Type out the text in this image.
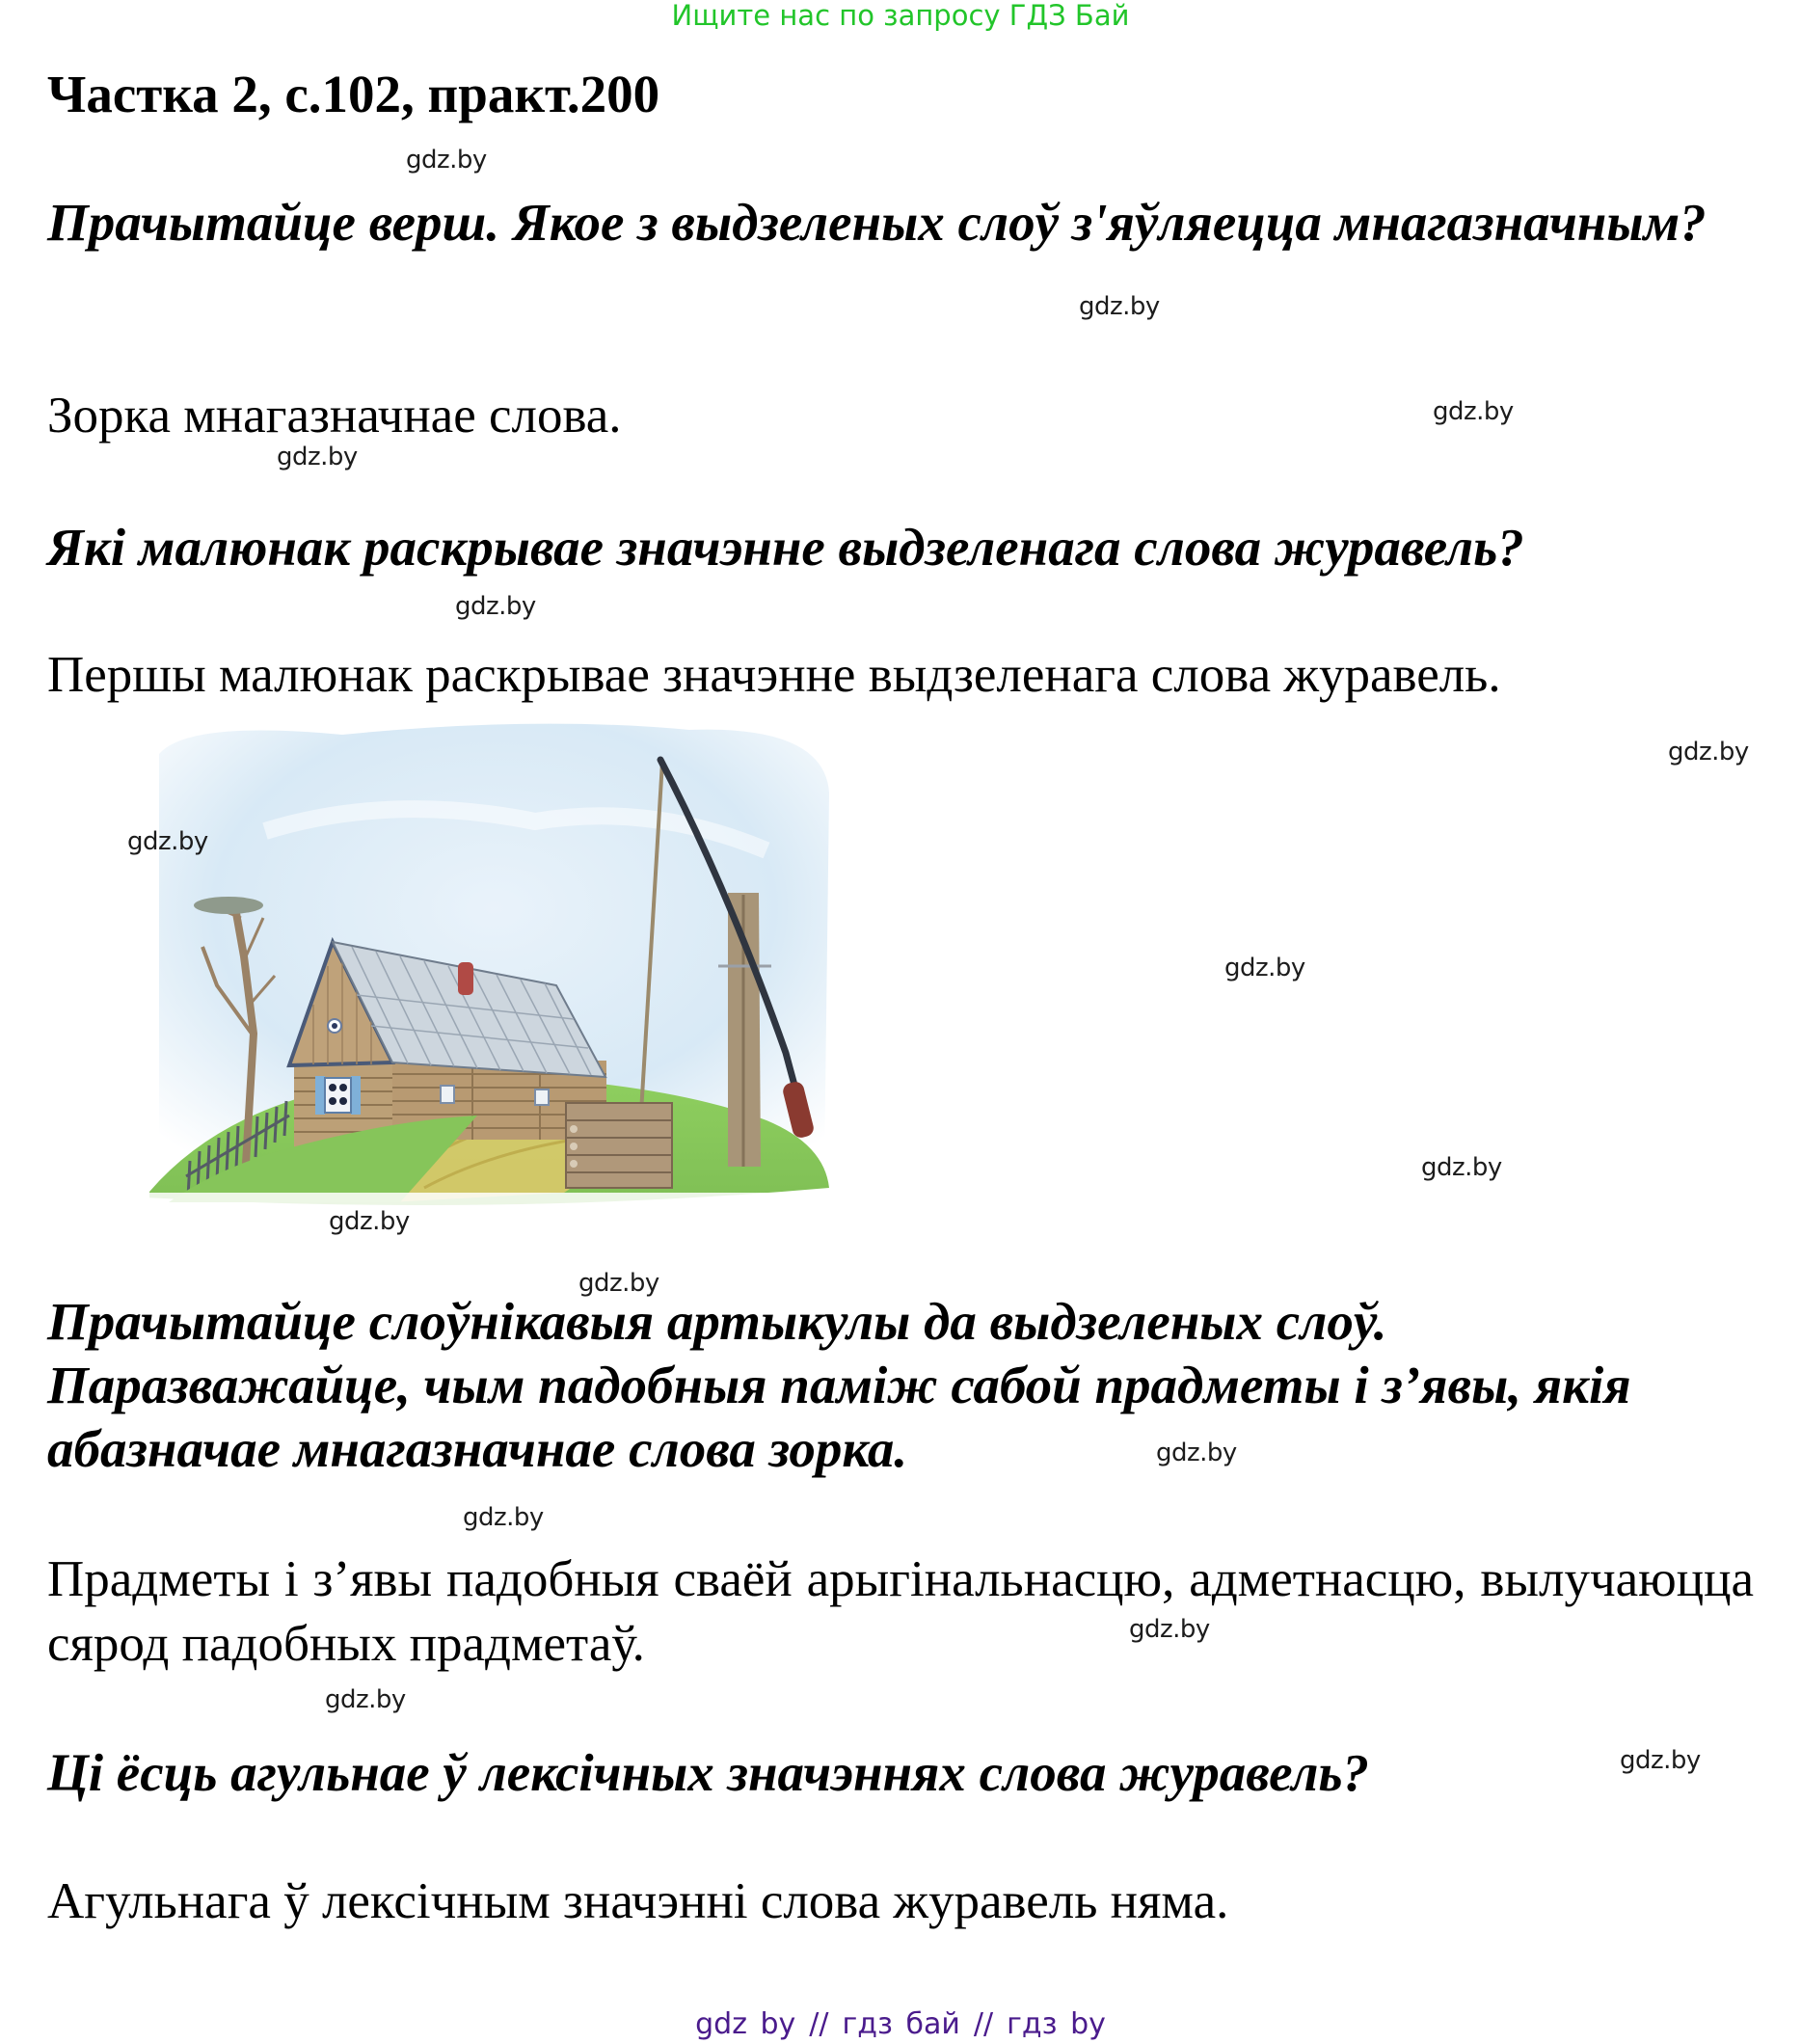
Ищите нас по запросу ГДЗ Бай
Частка 2, с.102, практ.200
Прачытайце верш. Якое з выдзеленых слоў з'яўляецца мнагазначным?
Зорка мнагазначнае слова.
Які малюнак раскрывае значэнне выдзеленага слова журавель?
Першы малюнак раскрывае значэнне выдзеленага слова журавель.
Прачытайце слоўнікавыя артыкулы да выдзеленых слоў.
Паразважайце, чым падобныя паміж сабой прадметы і з’явы, якія
абазначае мнагазначнае слова зорка.
Прадметы і з’явы падобныя сваёй арыгінальнасцю, адметнасцю, вылучаюцца сярод падобных прадметаў.
Ці ёсць агульнае ў лексічных значэннях слова журавель?
Агульнага ў лексічным значэнні слова журавель няма.
gdz.by
gdz.by
gdz.by
gdz.by
gdz.by
gdz.by
gdz.by
gdz.by
gdz.by
gdz.by
gdz.by
gdz.by
gdz.by
gdz.by
gdz.by
gdz.by
gdz by // гдз бай // гдз by
